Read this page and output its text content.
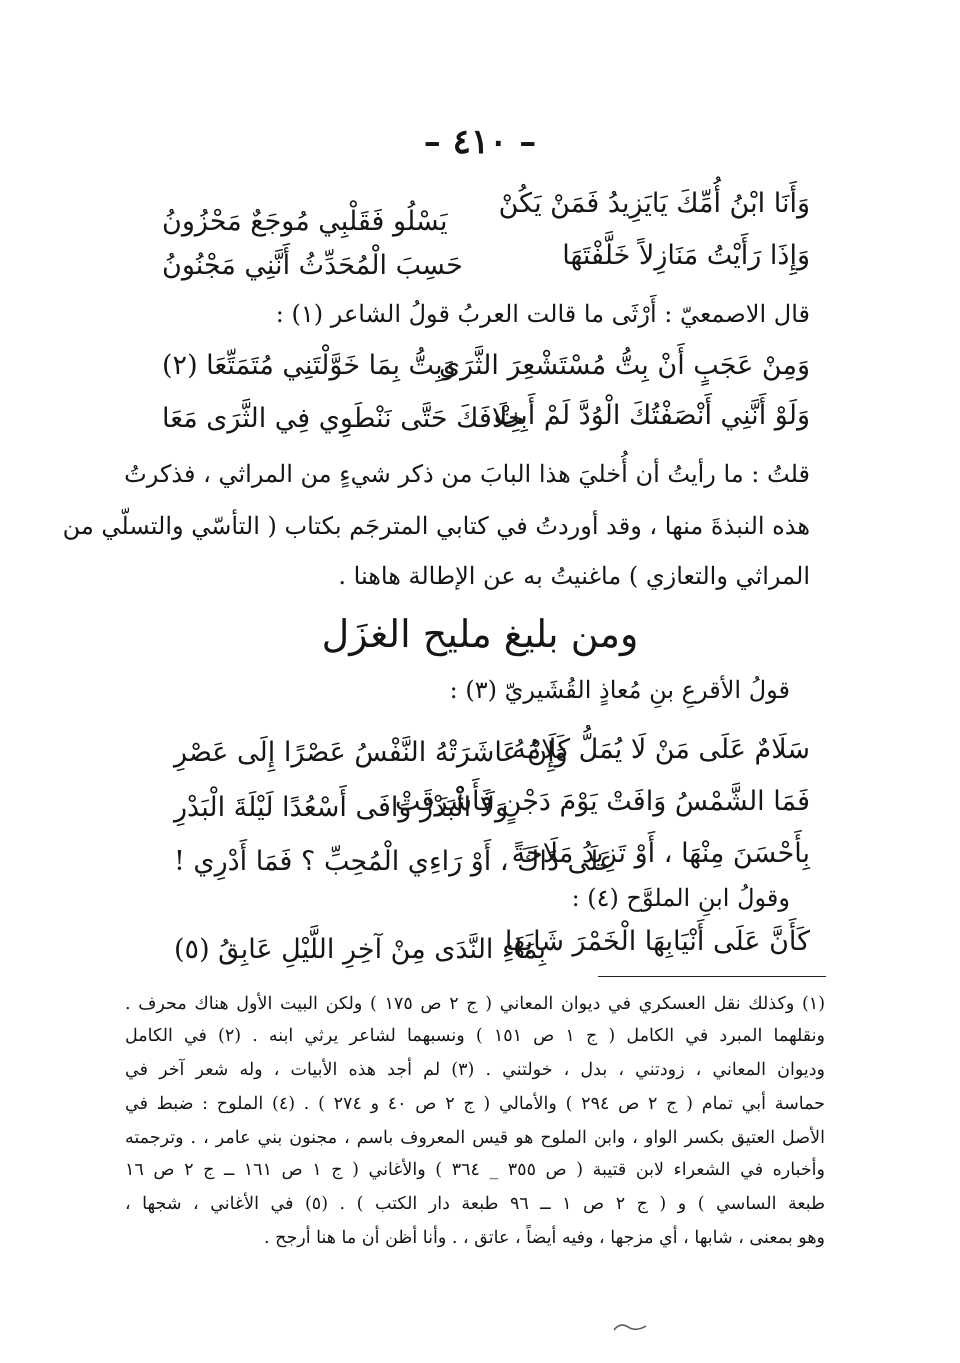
– ٤١٠ –
وَأَنَا ابْنُ أُمِّكَ يَايَزِيدُ فَمَنْ يَكُنْ
يَسْلُو فَقَلْبِي مُوجَعٌ مَحْزُونُ
وَإِذَا رَأَيْتُ مَنَازِلاً خَلَّفْتَهَا
حَسِبَ الْمُحَدِّثُ أَنَّنِي مَجْنُونُ
قال الاصمعيّ : أَرْثَى ما قالت العربُ قولُ الشاعر (١) :
وَمِنْ عَجَبٍ أَنْ بِتُّ مُسْتَشْعِرَ الثَّرَى
وَبِتُّ بِمَا خَوَّلْتَنِي مُتَمَتِّعَا (٢)
وَلَوْ أَنَّنِي أَنْصَفْتُكَ الْوُدَّ لَمْ أَبِتْ
خِلَافَكَ حَتَّى نَنْطَوِي فِي الثَّرَى مَعَا
قلتُ : ما رأيتُ أن أُخليَ هذا البابَ من ذكر شيءٍ من المراثي ، فذكرتُ
هذه النبذةَ منها ، وقد أوردتُ في كتابي المترجَم بكتاب ( التأسّي والتسلّي من
المراثي والتعازي ) ماغنيتُ به عن الإطالة هاهنا .
ومن بليغ مليح الغزَل
قولُ الأقرعِ بنِ مُعاذٍ القُشَيريّ (٣) :
سَلَامٌ عَلَى مَنْ لَا يُمَلُّ كَلَامُهُ
وَإِنْ عَاشَرَتْهُ النَّفْسُ عَصْرًا إِلَى عَصْرِ
فَمَا الشَّمْسُ وَافَتْ يَوْمَ دَجْنٍ فَأَشْرَقَتْ
وَلَا الْبَدْرُ وَافَى أَسْعُدًا لَيْلَةَ الْبَدْرِ
بِأَحْسَنَ مِنْهَا ، أَوْ تَزِيدُ مَلَاحَةً
عَلَى ذَاكَ ، أَوْ رَاءِي الْمُحِبِّ ؟ فَمَا أَدْرِي !
وقولُ ابنِ الملوَّح (٤) :
كَأَنَّ عَلَى أَنْيَابِهَا الْخَمْرَ شَابَهَا
بِمَاءِ النَّدَى مِنْ آخِرِ اللَّيْلِ عَابِقُ (٥)
(١) وكذلك نقل العسكري في ديوان المعاني ( ج ٢ ص ١٧٥ ) ولكن البيت الأول هناك محرف .
ونقلهما المبرد في الكامل ( ج ١ ص ١٥١ ) ونسبهما لشاعر يرثي ابنه . (٢) في الكامل
وديوان المعاني ، زودتني ، بدل ، خولتني . (٣) لم أجد هذه الأبيات ، وله شعر آخر في
حماسة أبي تمام ( ج ٢ ص ٢٩٤ ) والأمالي ( ج ٢ ص ٤٠ و ٢٧٤ ) . (٤) الملوح : ضبط في
الأصل العتيق بكسر الواو ، وابن الملوح هو قيس المعروف باسم ، مجنون بني عامر ، . وترجمته
وأخباره في الشعراء لابن قتيبة ( ص ٣٥٥ _ ٣٦٤ ) والأغاني ( ج ١ ص ١٦١ ــ ج ٢ ص ١٦
طبعة الساسي ) و ( ج ٢ ص ١ ــ ٩٦ طبعة دار الكتب ) . (٥) في الأغاني ، شجها ،
وهو بمعنى ، شابها ، أي مزجها ، وفيه أيضاً ، عاتق ، . وأنا أظن أن ما هنا أرجح .
